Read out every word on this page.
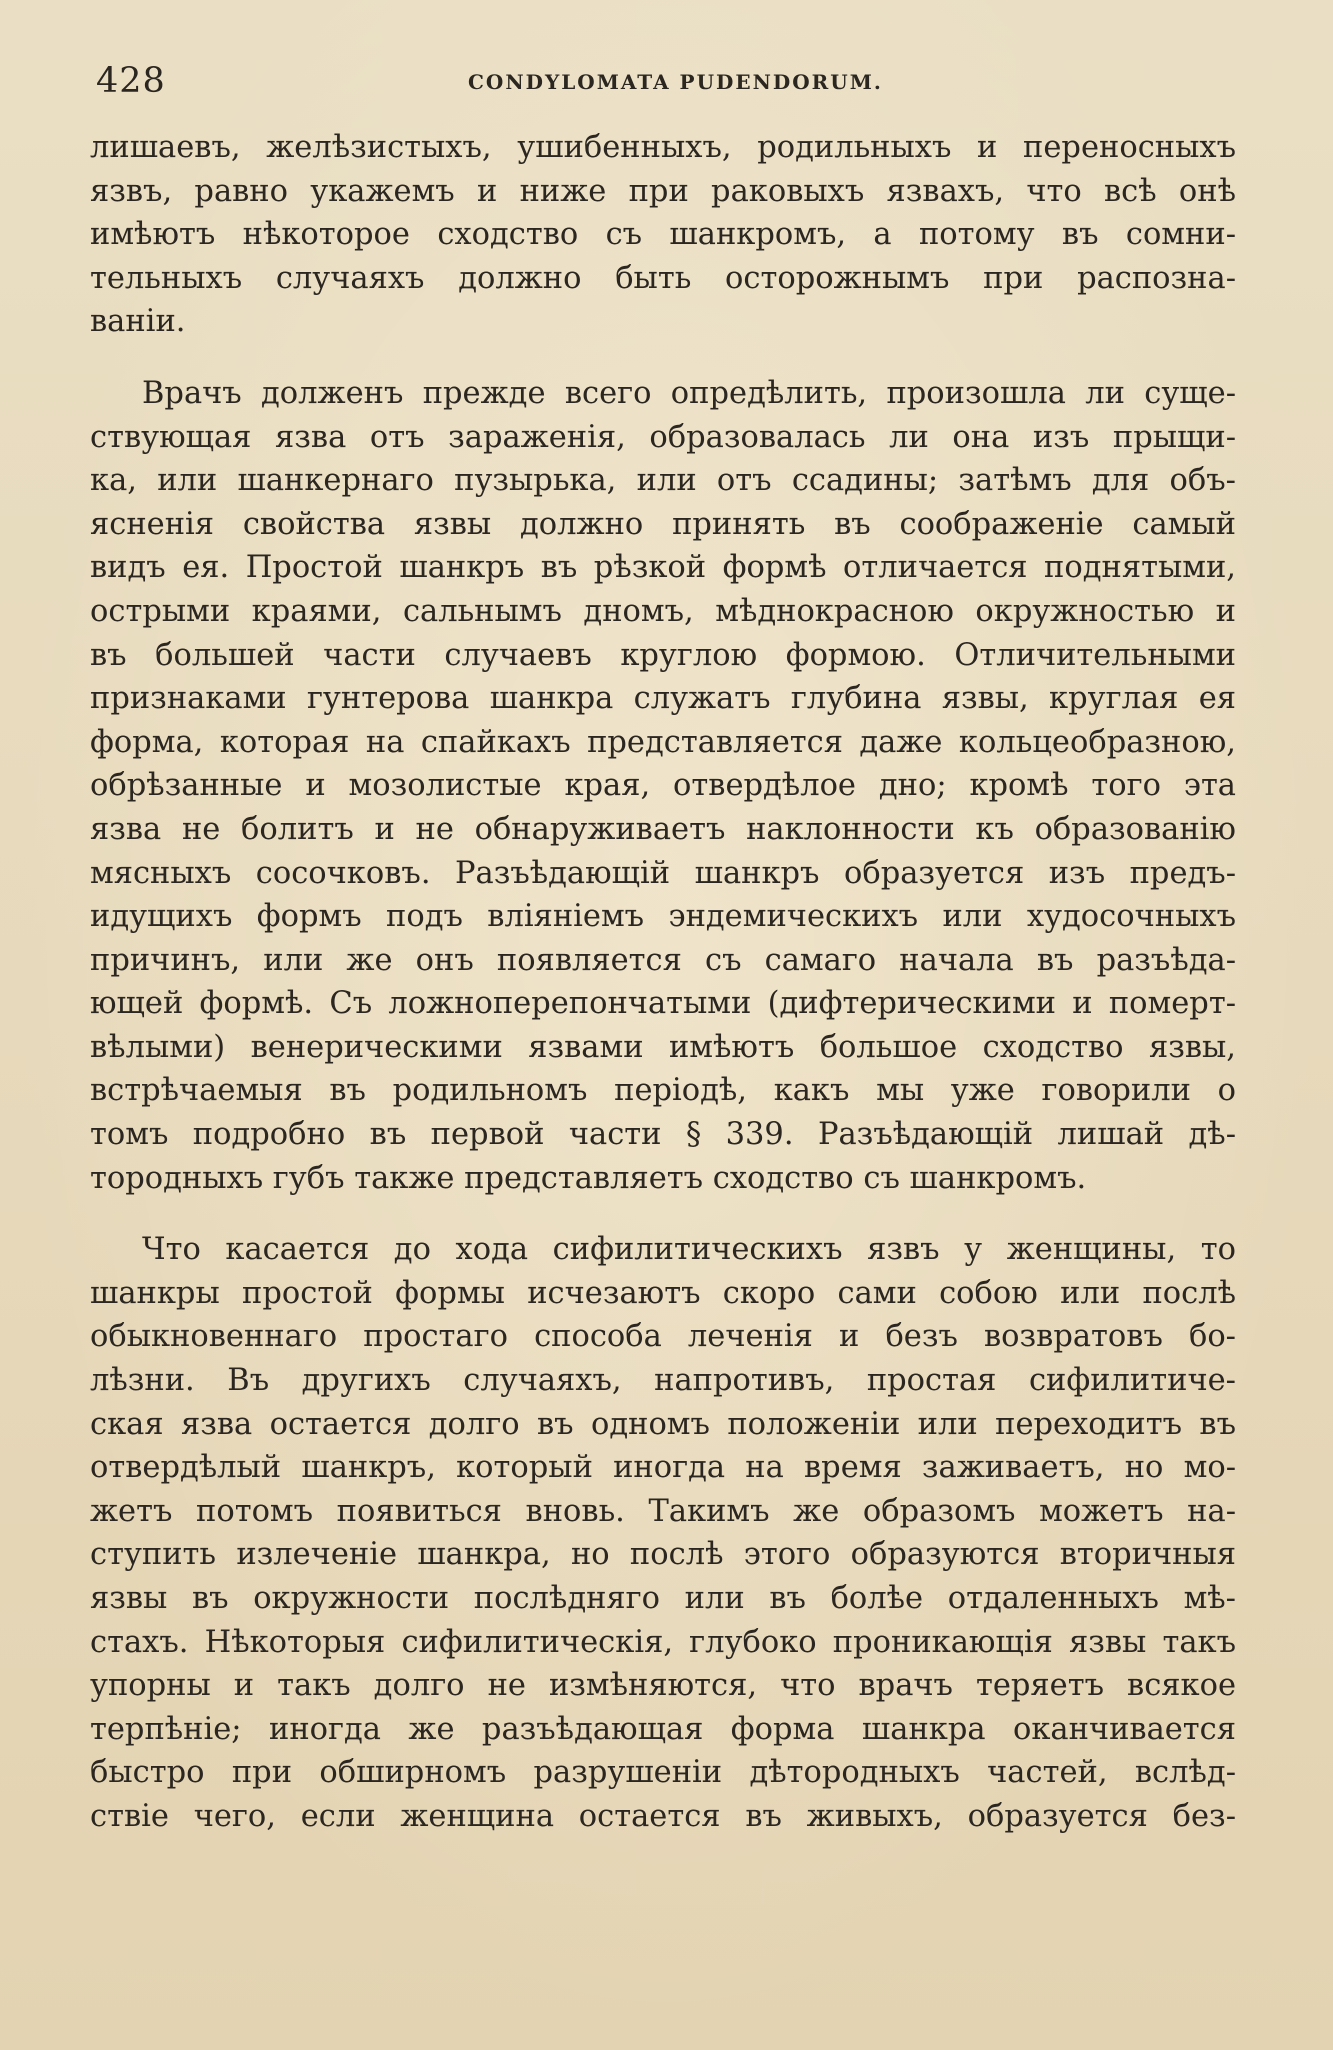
428	CONDYLOMATA PUDENDORUM.
лишаевъ, желѣзистыхъ, ушибенныхъ, родильныхъ и переносныхъ
язвъ, равно укажемъ и ниже при раковыхъ язвахъ, что всѣ онѣ
имѣютъ нѣкоторое сходство съ шанкромъ, а потому въ сомни-
тельныхъ случаяхъ должно быть осторожнымъ при распозна-
ваніи.
Врачъ долженъ прежде всего опредѣлить, произошла ли суще-
ствующая язва отъ зараженія, образовалась ли она изъ прыщи-
ка, или шанкернаго пузырька, или отъ ссадины; затѣмъ для объ-
ясненія свойства язвы должно принять въ соображеніе самый
видъ ея. Простой шанкръ въ рѣзкой формѣ отличается поднятыми,
острыми краями, сальнымъ дномъ, мѣднокрасною окружностью и
въ большей части случаевъ круглою формою. Отличительными
признаками гунтерова шанкра служатъ глубина язвы, круглая ея
форма, которая на спайкахъ представляется даже кольцеобразною,
обрѣзанные и мозолистые края, отвердѣлое дно; кромѣ того эта
язва не болитъ и не обнаруживаетъ наклонности къ образованію
мясныхъ сосочковъ. Разъѣдающій шанкръ образуется изъ предъ-
идущихъ формъ подъ вліяніемъ эндемическихъ или худосочныхъ
причинъ, или же онъ появляется съ самаго начала въ разъѣда-
ющей формѣ. Съ ложноперепончатыми (дифтерическими и померт-
вѣлыми) венерическими язвами имѣютъ большое сходство язвы,
встрѣчаемыя въ родильномъ періодѣ, какъ мы уже говорили о
томъ подробно въ первой части § 339. Разъѣдающій лишай дѣ-
тородныхъ губъ также представляетъ сходство съ шанкромъ.
Что касается до хода сифилитическихъ язвъ у женщины, то
шанкры простой формы исчезаютъ скоро сами собою или послѣ
обыкновеннаго простаго способа леченія и безъ возвратовъ бо-
лѣзни. Въ другихъ случаяхъ, напротивъ, простая сифилитиче-
ская язва остается долго въ одномъ положеніи или переходитъ въ
отвердѣлый шанкръ, который иногда на время заживаетъ, но мо-
жетъ потомъ появиться вновь. Такимъ же образомъ можетъ на-
ступить излеченіе шанкра, но послѣ этого образуются вторичныя
язвы въ окружности послѣдняго или въ болѣе отдаленныхъ мѣ-
стахъ. Нѣкоторыя сифилитическія, глубоко проникающія язвы такъ
упорны и такъ долго не измѣняются, что врачъ теряетъ всякое
терпѣніе; иногда же разъѣдающая форма шанкра оканчивается
быстро при обширномъ разрушеніи дѣтородныхъ частей, вслѣд-
ствіе чего, если женщина остается въ живыхъ, образуется без-
